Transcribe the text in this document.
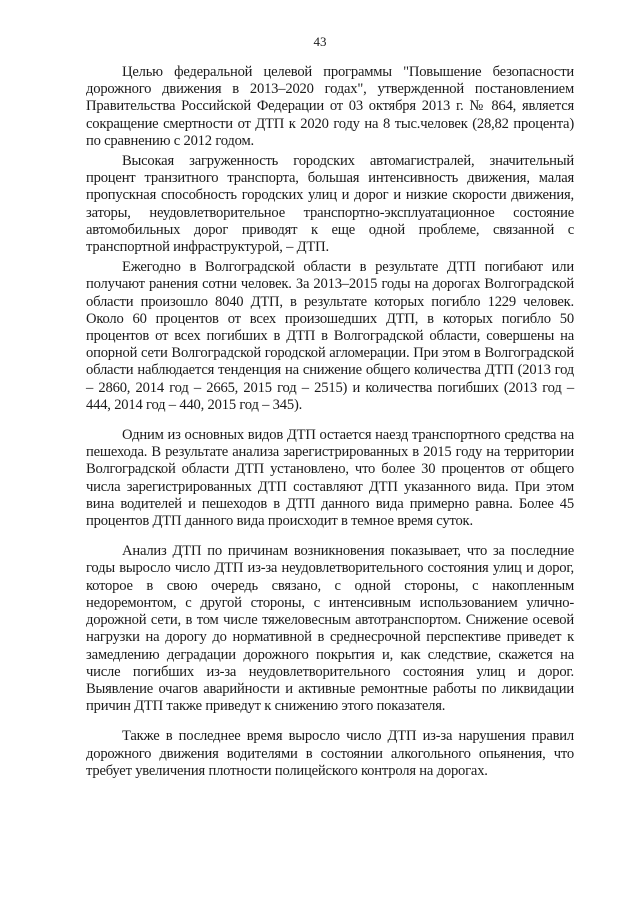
43

Целью федеральной целевой программы "Повышение безопасности дорожного движения в 2013–2020 годах", утвержденной постановлением Правительства Российской Федерации от 03 октября 2013 г. № 864, является сокращение смертности от ДТП к 2020 году на 8 тыс.человек (28,82 процента) по сравнению с 2012 годом.

Высокая загруженность городских автомагистралей, значительный процент транзитного транспорта, большая интенсивность движения, малая пропускная способность городских улиц и дорог и низкие скорости движения, заторы, неудовлетворительное транспортно-эксплуатационное состояние автомобильных дорог приводят к еще одной проблеме, связанной с транспортной инфраструктурой, – ДТП.

Ежегодно в Волгоградской области в результате ДТП погибают или получают ранения сотни человек. За 2013–2015 годы на дорогах Волгоградской области произошло 8040 ДТП, в результате которых погибло 1229 человек. Около 60 процентов от всех произошедших ДТП, в которых погибло 50 процентов от всех погибших в ДТП в Волгоградской области, совершены на опорной сети Волгоградской городской агломерации. При этом в Волгоградской области наблюдается тенденция на снижение общего количества ДТП (2013 год – 2860, 2014 год – 2665, 2015 год – 2515) и количества погибших (2013 год – 444, 2014 год – 440, 2015 год – 345).

Одним из основных видов ДТП остается наезд транспортного средства на пешехода. В результате анализа зарегистрированных в 2015 году на территории Волгоградской области ДТП установлено, что более 30 процентов от общего числа зарегистрированных ДТП составляют ДТП указанного вида. При этом вина водителей и пешеходов в ДТП данного вида примерно равна. Более 45 процентов ДТП данного вида происходит в темное время суток.

Анализ ДТП по причинам возникновения показывает, что за последние годы выросло число ДТП из-за неудовлетворительного состояния улиц и дорог, которое в свою очередь связано, с одной стороны, с накопленным недоремонтом, с другой стороны, с интенсивным использованием улично-дорожной сети, в том числе тяжеловесным автотранспортом. Снижение осевой нагрузки на дорогу до нормативной в среднесрочной перспективе приведет к замедлению деградации дорожного покрытия и, как следствие, скажется на числе погибших из-за неудовлетворительного состояния улиц и дорог. Выявление очагов аварийности и активные ремонтные работы по ликвидации причин ДТП также приведут к снижению этого показателя.

Также в последнее время выросло число ДТП из-за нарушения правил дорожного движения водителями в состоянии алкогольного опьянения, что требует увеличения плотности полицейского контроля на дорогах.
